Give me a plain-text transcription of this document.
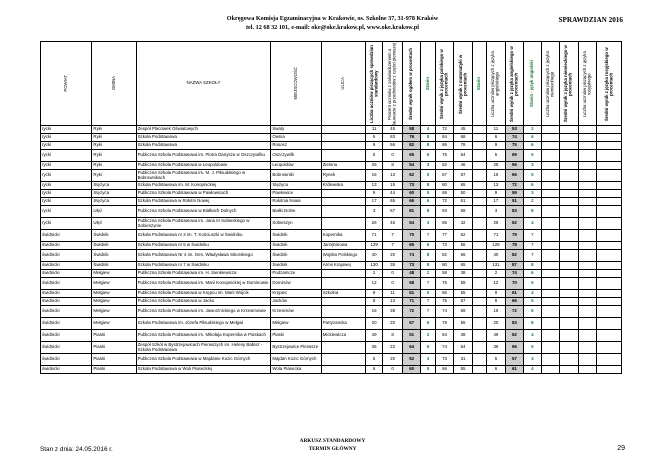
Okręgowa Komisja Egzaminacyjna w Krakowie, os. Szkolne 37, 31-978 Kraków
tel. 12 68 32 101, e-mail: oke@oke.krakow.pl, www.oke.krakow.pl
SPRAWDZIAN 2016
POWIAT	GMINA	NAZWA SZKOŁY	MIEJSCOWOŚĆ	ULICA	Liczba uczniów piszących sprawdzian standardowy	Procent uczniów z zaświadczeniem o laureacie z przedmiotów z części pierwszej	Średni wynik ogółem w procentach	Stanin	Średni wynik z języka polskiego w procentach	Średni wynik z matematyki w procentach	Stanin	Liczba uczniów piszących z języka angielskiego	Średni wynik z języka angielskiego w procentach	Stanin - język angielski	Liczba uczniów piszących z języka niemieckiego	Średni wynik z języka niemieckiego w procentach	Liczba uczniów piszących z języka rosyjskiego	Średni wynik z języka rosyjskiego w procentach

rycki	Ryki	Zespół Placówek Oświatowych	Swaty		11	45	58	4	72	45		11	53	2				
rycki	Ryki	Szkoła Podstawowa	Ownia		6	83	76	8	84	68		6	74	6				
rycki	Ryki	Szkoła Podstawowa	Rososz		9	56	82	8	86	78		9	75	6				
rycki	Ryki	Publiczna Szkoła Podstawowa im. Piotra Danysza w Oszczywilku	Oszczywilk		5	0	65	6	76	54		5	69	5				
rycki	Ryki	Publiczna Szkoła Podstawowa w Leopoldowie	Leopoldów	Zielona	25	8	54	3	62	46		25	56	3				
rycki	Ryki	Publiczna Szkoła Podstawowa im. M. J. Piłsudskiego w Bobrownikach	Bobrowniki	Rynek	16	13	62	5	67	57		16	66	5				
rycki	Stężyca	Szkoła Podstawowa im. M. Konopnickiej	Stężyca	Królewska	13	15	73	8	80	65		13	72	6				
rycki	Stężyca	Publiczna Szkoła Podstawowa w Pawłowicach	Pawłowice		9	44	60	5	69	50		9	59	3				
rycki	Stężyca	Szkoła Podstawowa w Rokitni Nowej	Rokitnia Nowa		17	65	66	6	72	61		17	51	2				
rycki	Ułęż	Publiczna Szkoła Podstawowa w Białkach Dolnych	Białki Dolne		3	67	81	8	93	68		3	83	8				
rycki	Ułęż	Publiczna Szkoła Podstawowa im. Jana III Sobieskiego w Sobieszynie	Sobieszyn		26	46	54	3	65	42		26	62	4				
świdnicki	Świdnik	Szkoła Podstawowa nr 3 im. T. Kościuszki w Świdniku	Świdnik	Kopernika	71	7	70	7	77	62		71	79	7				
świdnicki	Świdnik	Szkoła Podstawowa nr 5 w Świdniku	Świdnik	Jarzębinowa	129	7	65	6	73	56		129	78	7				
świdnicki	Świdnik	Szkoła Podstawowa Nr 4 im. Gen. Władysława Sikorskiego	Świdnik	Wojska Polskiego	40	20	74	8	82	66		40	82	7				
świdnicki	Świdnik	Szkoła Podstawowa nr 7 w Świdniku	Świdnik	Armii Krajowej	130	35	73	8	80	65		131	87	8				
świdnicki	Mełgiew	Publiczna Szkoła Podstawowa im. H. Sienkiewicza	Podzamcze		2	0	48	2	58	38		2	74	6				
świdnicki	Mełgiew	Publiczna Szkoła Podstawowa im. Marii Konopnickiej w Dominowie	Dominów		12	0	68	7	76	59		12	70	5				
świdnicki	Mełgiew	Publiczna Szkoła Podstawowa w Krępcu im. Marii Wójcik	Krępiec	Szkolna	9	11	61	5	66	55		9	61	4				
świdnicki	Mełgiew	Publiczna Szkoła Podstawowa w Jacku	Jacków		8	13	71	7	75	67		8	66	5				
świdnicki	Mełgiew	Publiczna Szkoła Podstawowa im. Jaworznickiego w Krzesimowie	Krzesimów		16	38	72	7	74	69		16	72	6				
świdnicki	Mełgiew	Szkoła Podstawowa im. Józefa Piłsudskiego w Mełgwi	Mełgiew	Partyzancka	20	20	67	6	78	56		20	83	8				
świdnicki	Piaski	Publiczna Szkoła Podstawowa im. Mikołaja Kopernika w Piaskach	Piaski	Mickiewicza	49	8	51	2	64	38		49	62	4				
świdnicki	Piaski	Zespół Szkół w Bystrzejowicach Pierwszych im. Heleny Babisz - Szkoła Podstawowa	Bystrzejowice Pierwsze		36	22	64	6	74	54		36	66	5				
świdnicki	Piaski	Publiczna Szkoła Podstawowa w Majdanie Kozic Górnych	Majdan Kozic Górnych		5	20	52	3	73	31		5	57	3				
świdnicki	Piaski	Szkoła Podstawowa w Woli Piasecklej	Wola Piasecka		6	0	60	5	66	55		6	61	4				
Stan z dnia: 24.05.2016 r.
ARKUSZ STANDARDOWY
TERMIN GŁÓWNY	29
